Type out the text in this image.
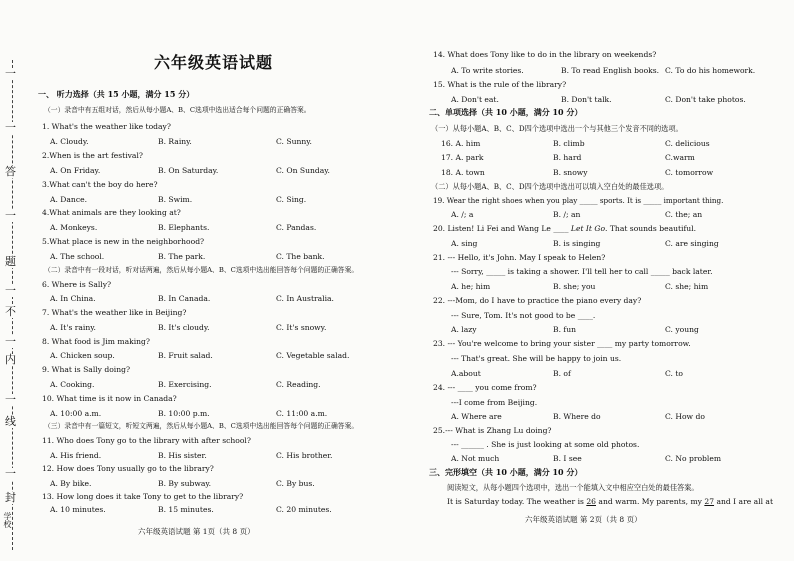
一
一
答
一
题
一
不
一
内
一
线
一
封
学校
六年级英语试题
一、 听力选择（共 15 小题，满分 15 分）
（一）录音中有五组对话，然后从每小题A、B、C选项中选出适合每个问题的正确答案。
1. What's the weather like today?
A. Cloudy.	B. Rainy.	C. Sunny.
2.When is the art festival?
A. On Friday.	B. On Saturday.	C. On Sunday.
3.What can't the boy do here?
A. Dance.	B. Swim.	C. Sing.
4.What animals are they looking at?
A. Monkeys.	B. Elephants.	C. Pandas.
5.What place is new in the neighborhood?
A. The school.	B. The park.	C. The bank.
（二）录音中有一段对话，听对话两遍，然后从每小题A、B、C选项中选出能回答每个问题的正确答案。
6. Where is Sally?
A. In China.	B. In Canada.	C. In Australia.
7. What's the weather like in Beijing?
A. It's rainy.	B. It's cloudy.	C. It's snowy.
8. What food is Jim making?
A. Chicken soup.	B. Fruit salad.	C. Vegetable salad.
9. What is Sally doing?
A. Cooking.	B. Exercising.	C. Reading.
10. What time is it now in Canada?
A. 10:00 a.m.	B. 10:00 p.m.	C. 11:00 a.m.
（三）录音中有一篇短文，听短文两遍，然后从每小题A、B、C选项中选出能回答每个问题的正确答案。
11. Who does Tony go to the library with after school?
A. His friend.	B. His sister.	C. His brother.
12. How does Tony usually go to the library?
A. By bike.	B. By subway.	C. By bus.
13. How long does it take Tony to get to the library?
A. 10 minutes.	B. 15 minutes.	C. 20 minutes.
六年级英语试题 第 1页（共 8 页）
14. What does Tony like to do in the library on weekends?
A. To write stories.	B. To read English books. C. To do his homework.
15. What is the rule of the library?
A. Don't eat.	B. Don't talk.	C. Don't take photos.
二、单项选择（共 10 小题，满分 10 分）
（一）从每小题A、B、C、D四个选项中选出一个与其他三个发音不同的选项。
16. A. him	B. climb	C. delicious
17. A. park	B. hard	C.warm
18. A. town	B. snowy	C. tomorrow
（二）从每小题A、B、C、D四个选项中选出可以填入空白处的最佳选项。
19. Wear the right shoes when you play _____ sports. It is _____ important thing.
A. /; a	B. /; an	C. the; an
20. Listen! Li Fei and Wang Le ____ Let It Go. That sounds beautiful.
A. sing	B. is singing	C. are singing
21. --- Hello, it's John. May I speak to Helen?
--- Sorry, _____ is taking a shower. I'll tell her to call _____ back later.
A. he; him	B. she; you	C. she; him
22. ---Mom, do I have to practice the piano every day?
--- Sure, Tom. It's not good to be ____.
A. lazy	B. fun	C. young
23. --- You're welcome to bring your sister ____ my party tomorrow.
--- That's great. She will be happy to join us.
A.about	B. of	C. to
24. --- ____ you come from?
---I come from Beijing.
A. Where are	B. Where do	C. How do
25.--- What is Zhang Lu doing?
--- ______ . She is just looking at some old photos.
A. Not much	B. I see	C. No problem
三、完形填空（共 10 小题，满分 10 分）
阅读短文，从每小题四个选项中，选出一个能填入文中相应空白处的最佳答案。
It is Saturday today. The weather is 26 and warm. My parents, my 27 and I are all at
六年级英语试题 第 2页（共 8 页）
